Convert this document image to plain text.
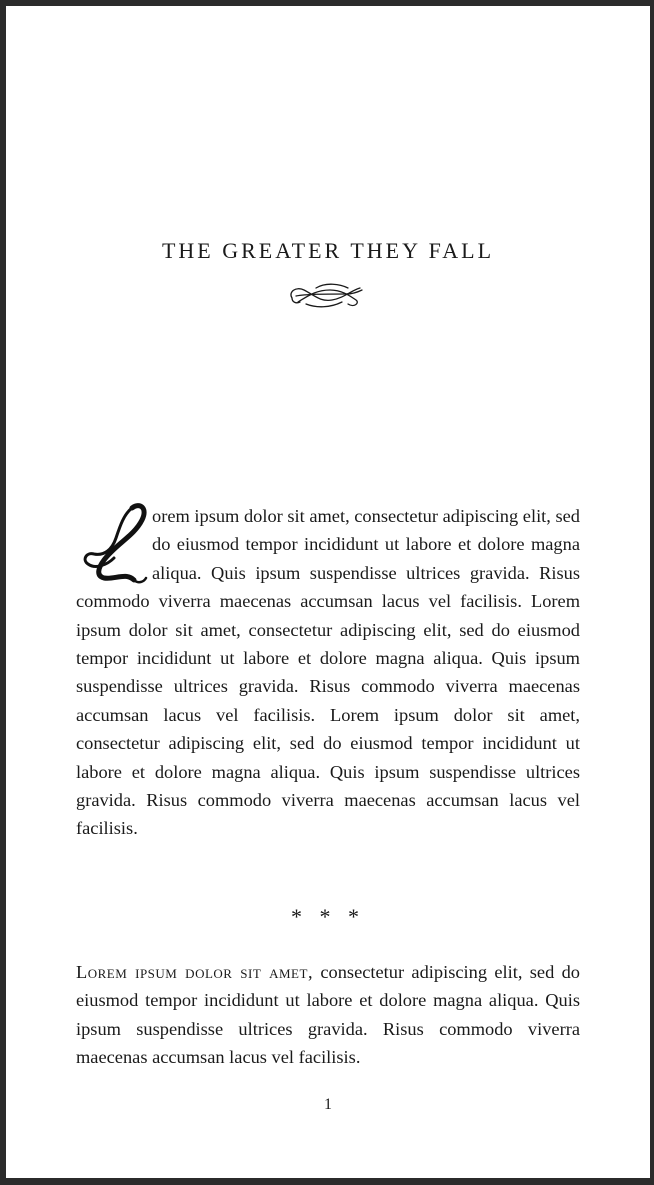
THE GREATER THEY FALL
orem ipsum dolor sit amet, consectetur adipiscing elit, sed do eiusmod tempor incididunt ut labore et dolore magna aliqua. Quis ipsum suspendisse ultrices gravida. Risus commodo viverra maecenas accumsan lacus vel facilisis. Lorem ipsum dolor sit amet, consectetur adipiscing elit, sed do eiusmod tempor incididunt ut labore et dolore magna aliqua. Quis ipsum suspendisse ultrices gravida. Risus commodo viverra maecenas accumsan lacus vel facilisis. Lorem ipsum dolor sit amet, consectetur adipiscing elit, sed do eiusmod tempor incididunt ut labore et dolore magna aliqua. Quis ipsum suspendisse ultrices gravida. Risus commodo viverra maecenas accumsan lacus vel facilisis.
* * *
Lorem ipsum dolor sit amet, consectetur adipiscing elit, sed do eiusmod tempor incididunt ut labore et dolore magna aliqua. Quis ipsum suspendisse ultrices gravida. Risus commodo viverra maecenas accumsan lacus vel facilisis.
1
